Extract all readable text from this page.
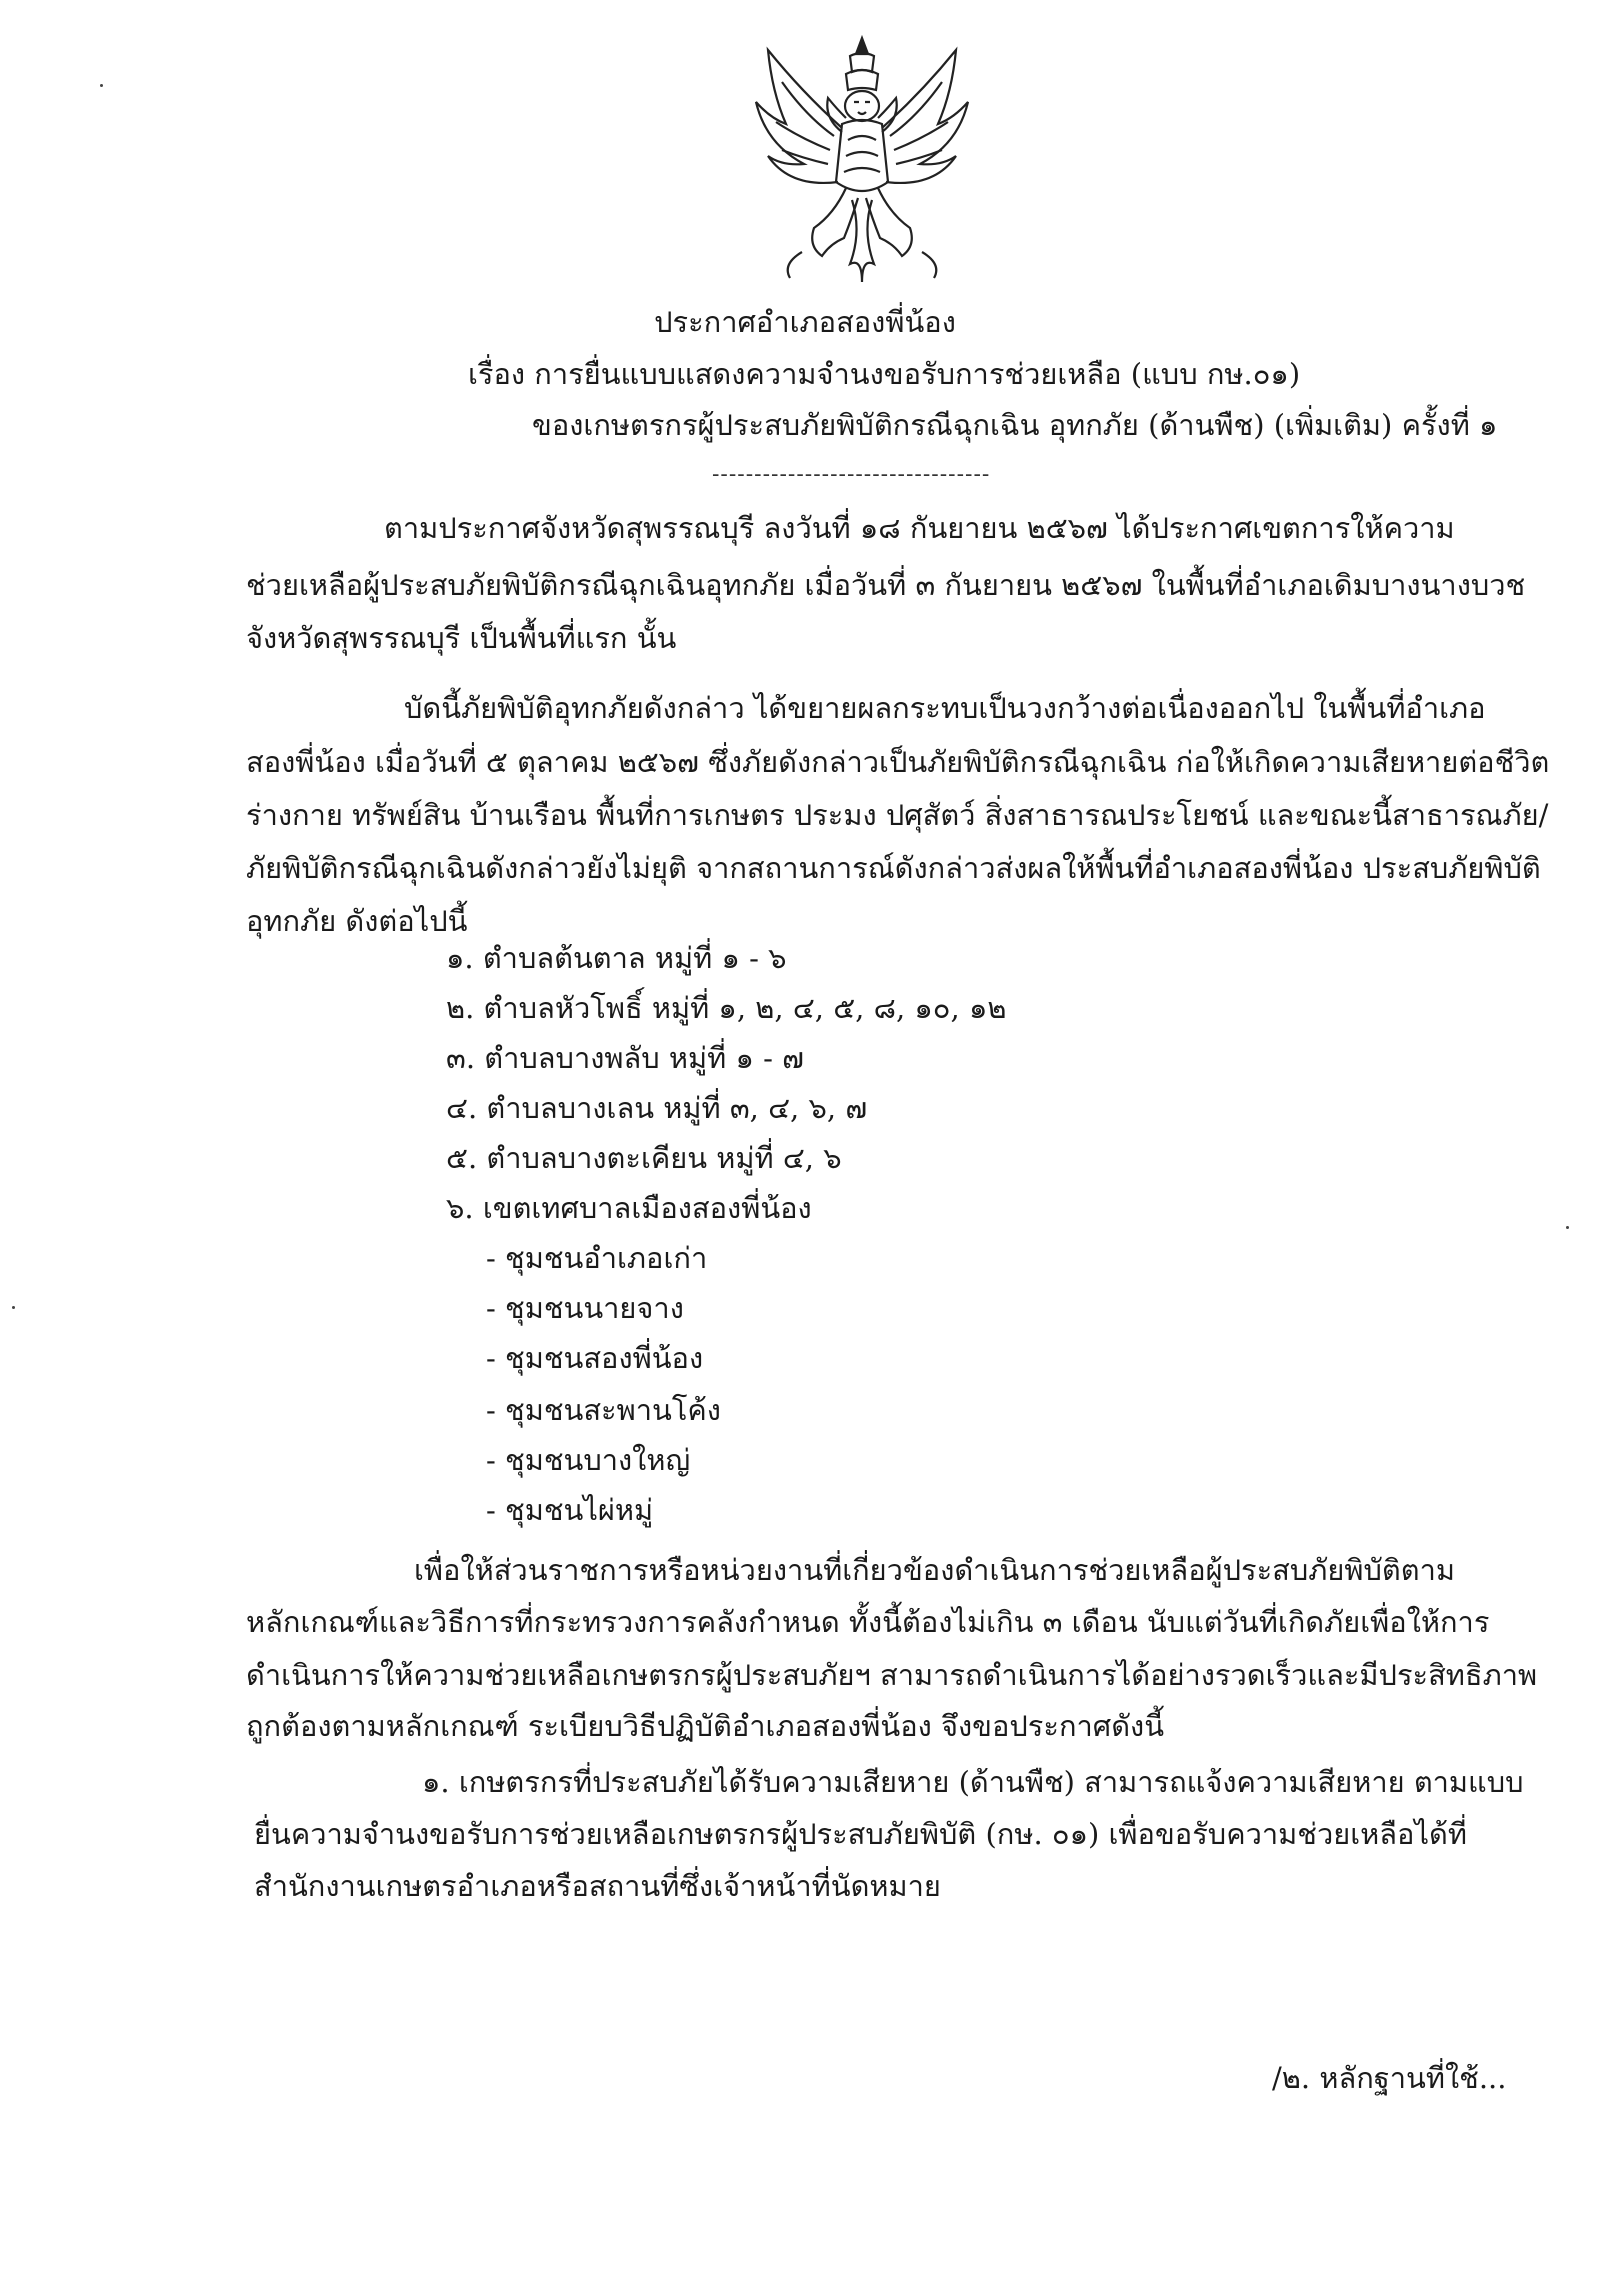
ประกาศอำเภอสองพี่น้อง
เรื่อง การยื่นแบบแสดงความจำนงขอรับการช่วยเหลือ (แบบ กษ.๐๑)
ของเกษตรกรผู้ประสบภัยพิบัติกรณีฉุกเฉิน อุทกภัย (ด้านพืช) (เพิ่มเติม) ครั้งที่ ๑
---------------------------------
ตามประกาศจังหวัดสุพรรณบุรี ลงวันที่ ๑๘ กันยายน ๒๕๖๗ ได้ประกาศเขตการให้ความ
ช่วยเหลือผู้ประสบภัยพิบัติกรณีฉุกเฉินอุทกภัย เมื่อวันที่ ๓ กันยายน ๒๕๖๗ ในพื้นที่อำเภอเดิมบางนางบวช
จังหวัดสุพรรณบุรี เป็นพื้นที่แรก นั้น
บัดนี้ภัยพิบัติอุทกภัยดังกล่าว ได้ขยายผลกระทบเป็นวงกว้างต่อเนื่องออกไป ในพื้นที่อำเภอ
สองพี่น้อง เมื่อวันที่ ๕ ตุลาคม ๒๕๖๗ ซึ่งภัยดังกล่าวเป็นภัยพิบัติกรณีฉุกเฉิน ก่อให้เกิดความเสียหายต่อชีวิต
ร่างกาย ทรัพย์สิน บ้านเรือน พื้นที่การเกษตร ประมง ปศุสัตว์ สิ่งสาธารณประโยชน์ และขณะนี้สาธารณภัย/
ภัยพิบัติกรณีฉุกเฉินดังกล่าวยังไม่ยุติ จากสถานการณ์ดังกล่าวส่งผลให้พื้นที่อำเภอสองพี่น้อง ประสบภัยพิบัติ
อุทกภัย ดังต่อไปนี้
๑. ตำบลต้นตาล หมู่ที่ ๑ - ๖
๒. ตำบลหัวโพธิ์ หมู่ที่ ๑, ๒, ๔, ๕, ๘, ๑๐, ๑๒
๓. ตำบลบางพลับ หมู่ที่ ๑ - ๗
๔. ตำบลบางเลน หมู่ที่ ๓, ๔, ๖, ๗
๕. ตำบลบางตะเคียน หมู่ที่ ๔, ๖
๖. เขตเทศบาลเมืองสองพี่น้อง
- ชุมชนอำเภอเก่า
- ชุมชนนายจาง
- ชุมชนสองพี่น้อง
- ชุมชนสะพานโค้ง
- ชุมชนบางใหญ่
- ชุมชนไผ่หมู่
เพื่อให้ส่วนราชการหรือหน่วยงานที่เกี่ยวข้องดำเนินการช่วยเหลือผู้ประสบภัยพิบัติตาม
หลักเกณฑ์และวิธีการที่กระทรวงการคลังกำหนด ทั้งนี้ต้องไม่เกิน ๓ เดือน นับแต่วันที่เกิดภัยเพื่อให้การ
ดำเนินการให้ความช่วยเหลือเกษตรกรผู้ประสบภัยฯ สามารถดำเนินการได้อย่างรวดเร็วและมีประสิทธิภาพ
ถูกต้องตามหลักเกณฑ์ ระเบียบวิธีปฏิบัติอำเภอสองพี่น้อง จึงขอประกาศดังนี้
๑. เกษตรกรที่ประสบภัยได้รับความเสียหาย (ด้านพืช) สามารถแจ้งความเสียหาย ตามแบบ
ยื่นความจำนงขอรับการช่วยเหลือเกษตรกรผู้ประสบภัยพิบัติ (กษ. ๐๑) เพื่อขอรับความช่วยเหลือได้ที่
สำนักงานเกษตรอำเภอหรือสถานที่ซึ่งเจ้าหน้าที่นัดหมาย
/๒. หลักฐานที่ใช้...
